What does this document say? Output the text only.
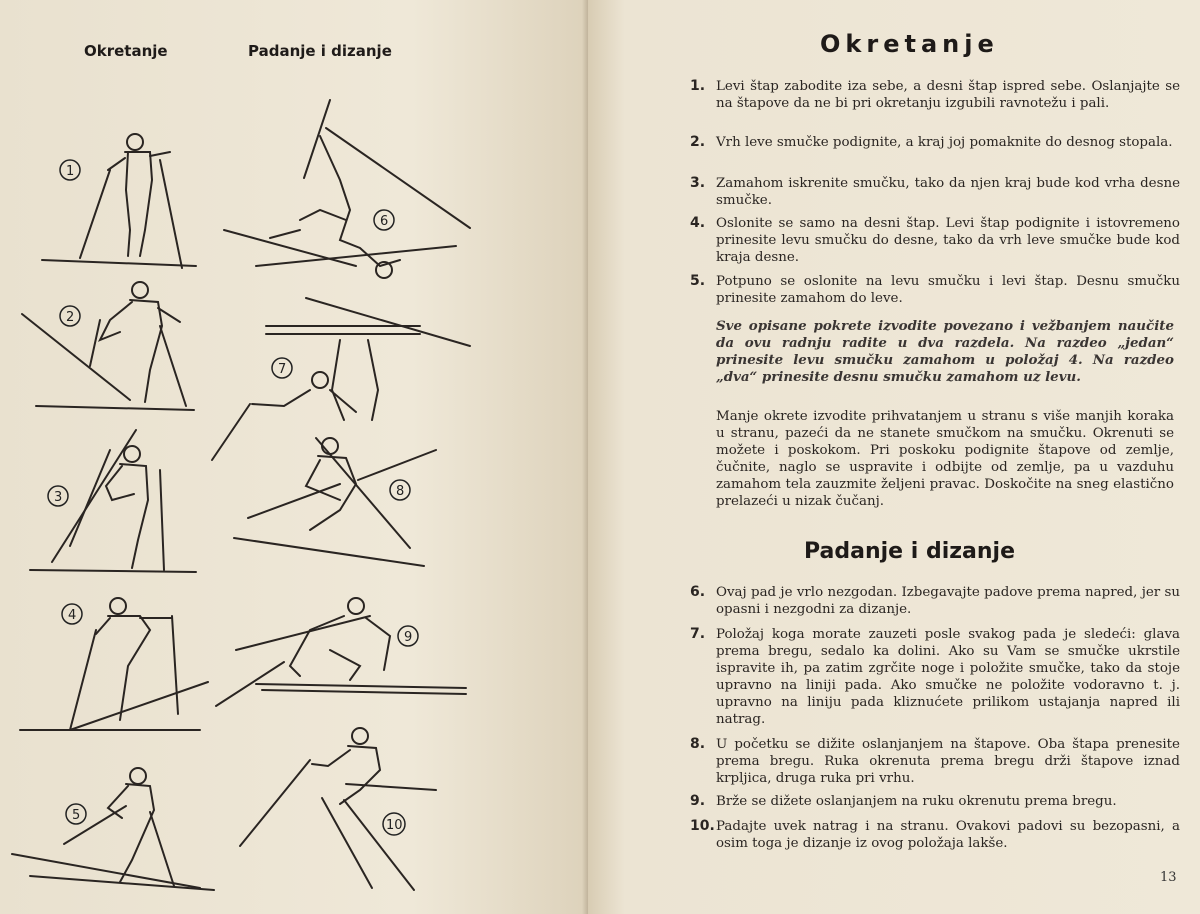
Okretanje	Padanje i dizanje
1
2
3
4
5
6
7
8
9
10
Okretanje
1. Levi štap zabodite iza sebe, a desni štap ispred sebe. Oslanjajte se na štapove da ne bi pri okretanju izgubili ravnotežu i pali.
2. Vrh leve smučke podignite, a kraj joj pomaknite do desnog stopala.
3. Zamahom iskrenite smučku, tako da njen kraj bude kod vrha desne smučke.
4. Oslonite se samo na desni štap. Levi štap podignite i istovremeno prinesite levu smučku do desne, tako da vrh leve smučke bude kod kraja desne.
5. Potpuno se oslonite na levu smučku i levi štap. Desnu smučku prinesite zamahom do leve.
Sve opisane pokrete izvodite povezano i vežbanjem naučite da ovu radnju radite u dva razdela. Na razdeo „jedan“ prinesite levu smučku zamahom u položaj 4. Na razdeo „dva“ prinesite desnu smučku zamahom uz levu.
Manje okrete izvodite prihvatanjem u stranu s više manjih koraka u stranu, pazeći da ne stanete smučkom na smučku. Okrenuti se možete i poskokom. Pri poskoku podignite štapove od zemlje, čučnite, naglo se uspravite i odbijte od zemlje, pa u vazduhu zamahom tela zauzmite željeni pravac. Doskočite na sneg elastično prelazeći u nizak čučanj.
Padanje i dizanje
6. Ovaj pad je vrlo nezgodan. Izbegavajte padove prema napred, jer su opasni i nezgodni za dizanje.
7. Položaj koga morate zauzeti posle svakog pada je sledeći: glava prema bregu, sedalo ka dolini. Ako su Vam se smučke ukrstile ispravite ih, pa zatim zgrčite noge i položite smučke, tako da stoje upravno na liniji pada. Ako smučke ne položite vodoravno t. j. upravno na liniju pada kliznućete prilikom ustajanja napred ili natrag.
8. U početku se dižite oslanjanjem na štapove. Oba štapa prenesite prema bregu. Ruka okrenuta prema bregu drži štapove iznad krpljica, druga ruka pri vrhu.
9. Brže se dižete oslanjanjem na ruku okrenutu prema bregu.
10. Padajte uvek natrag i na stranu. Ovakovi padovi su bezopasni, a osim toga je dizanje iz ovog položaja lakše.
13
